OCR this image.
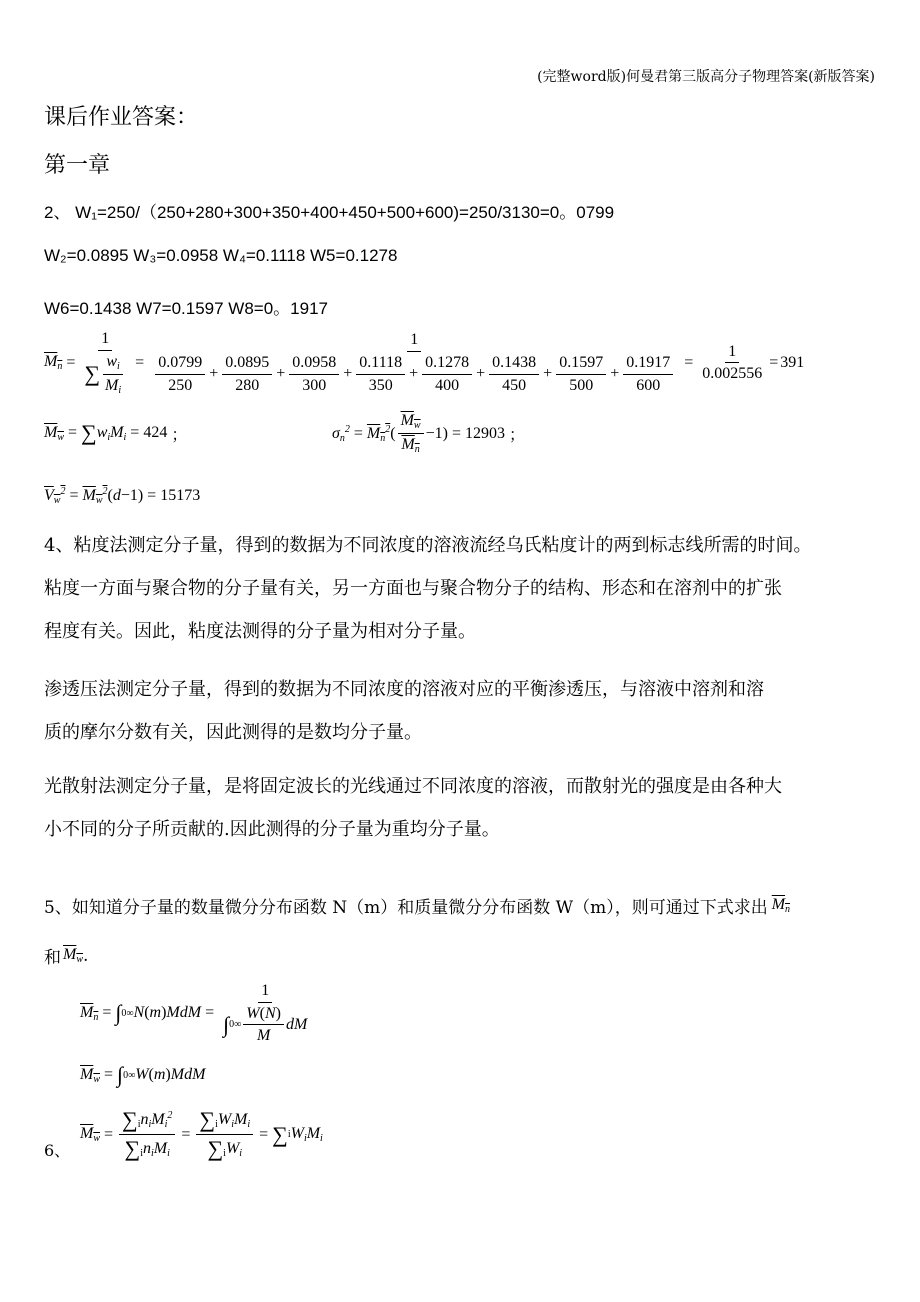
(完整word版)何曼君第三版高分子物理答案(新版答案)
课后作业答案：
第一章
2、 W₁=250/（250+280+300+350+400+450+500+600)=250/3130=0。0799
W₂=0.0895 W₃=0.0958 W₄=0.1118 W5=0.1278
W6=0.1438 W7=0.1597 W8=0。1917
$M_n = \frac{1}{\sum \frac{w_i}{M_i}}$ =
1
$\frac{0.0799}{250} + \frac{0.0895}{280} + \frac{0.0958}{300} + \frac{0.1118}{350} + \frac{0.1278}{400} + \frac{0.1438}{450} + \frac{0.1597}{500} + \frac{0.1917}{600} = \frac{1}{0.002556} = 391$
$M_w$ = ∑ $w_iM_i = 424$ ；	$\sigma_n^2 = M_n^2$ ( $\frac{M_w}{M_n} -1) = 12903$ ；
$V_w^2 = M_w^2$ ( d −1) = 15173
4、粘度法测定分子量，得到的数据为不同浓度的溶液流经乌氏粘度计的两到标志线所需的时间。
粘度一方面与聚合物的分子量有关，另一方面也与聚合物分子的结构、形态和在溶剂中的扩张
程度有关。因此，粘度法测得的分子量为相对分子量。
渗透压法测定分子量，得到的数据为不同浓度的溶液对应的平衡渗透压，与溶液中溶剂和溶
质的摩尔分数有关，因此测得的是数均分子量。
光散射法测定分子量，是将固定波长的光线通过不同浓度的溶液，而散射光的强度是由各种大
小不同的分子所贡献的.因此测得的分子量为重均分子量。
5、如知道分子量的数量微分分布函数 N（m）和质量微分分布函数 W（m），则可通过下式求出 $M_n$
和 $M_w$ .
$M_n$ = ∫ 0 ∞ N ( m ) MdM = $\frac{1}{\int 0 \infty \frac{W(N)}{M} dM}$
$M_w$ = ∫ 0 ∞ W ( m ) MdM
6、
$M_w = \frac{\sum_in_iM_i^2}{\sum_in_iM_i} = \frac{\sum_iW_iM_i}{\sum_iW_i}$ = ∑ i $W_iM_i$
